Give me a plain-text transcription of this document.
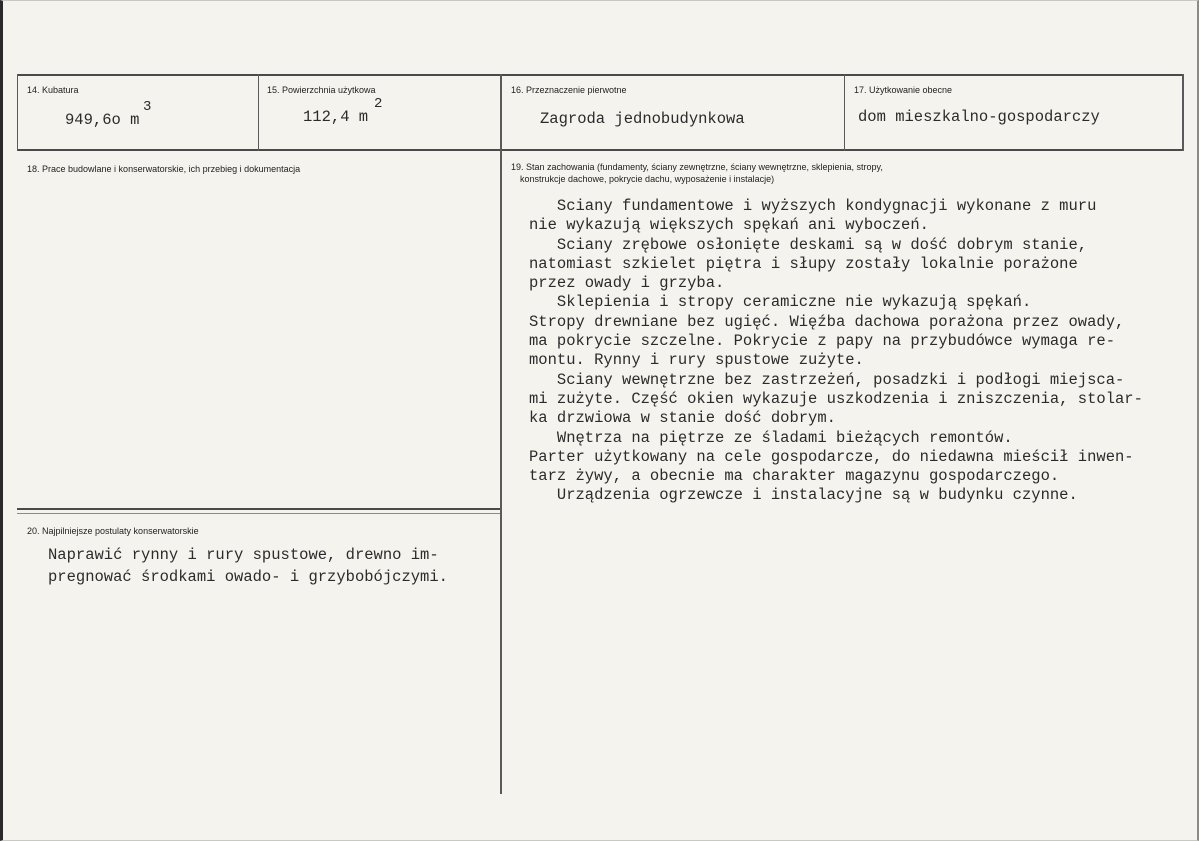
14. Kubatura
949,6o m
3
15. Powierzchnia użytkowa
112,4 m
2
16. Przeznaczenie pierwotne
Zagroda jednobudynkowa
17. Użytkowanie obecne
dom mieszkalno-gospodarczy
18. Prace budowlane i konserwatorskie, ich przebieg i dokumentacja	19. Stan zachowania (fundamenty, ściany zewnętrzne, ściany wewnętrzne, sklepienia, stropy,
konstrukcje dachowe, pokrycie dachu, wyposażenie i instalacje)
Sciany fundamentowe i wyższych kondygnacji wykonane z muru
nie wykazują większych spękań ani wyboczeń.
Sciany zrębowe osłonięte deskami są w dość dobrym stanie,
natomiast szkielet piętra i słupy zostały lokalnie porażone
przez owady i grzyba.
Sklepienia i stropy ceramiczne nie wykazują spękań.
Stropy drewniane bez ugięć. Więźba dachowa porażona przez owady,
ma pokrycie szczelne. Pokrycie z papy na przybudówce wymaga re-
montu. Rynny i rury spustowe zużyte.
Sciany wewnętrzne bez zastrzeżeń, posadzki i podłogi miejsca-
mi zużyte. Część okien wykazuje uszkodzenia i zniszczenia, stolar-
ka drzwiowa w stanie dość dobrym.
Wnętrza na piętrze ze śladami bieżących remontów.
Parter użytkowany na cele gospodarcze, do niedawna mieścił inwen-
tarz żywy, a obecnie ma charakter magazynu gospodarczego.
Urządzenia ogrzewcze i instalacyjne są w budynku czynne.
20. Najpilniejsze postulaty konserwatorskie
Naprawić rynny i rury spustowe, drewno im-
pregnować środkami owado- i grzybobójczymi.
